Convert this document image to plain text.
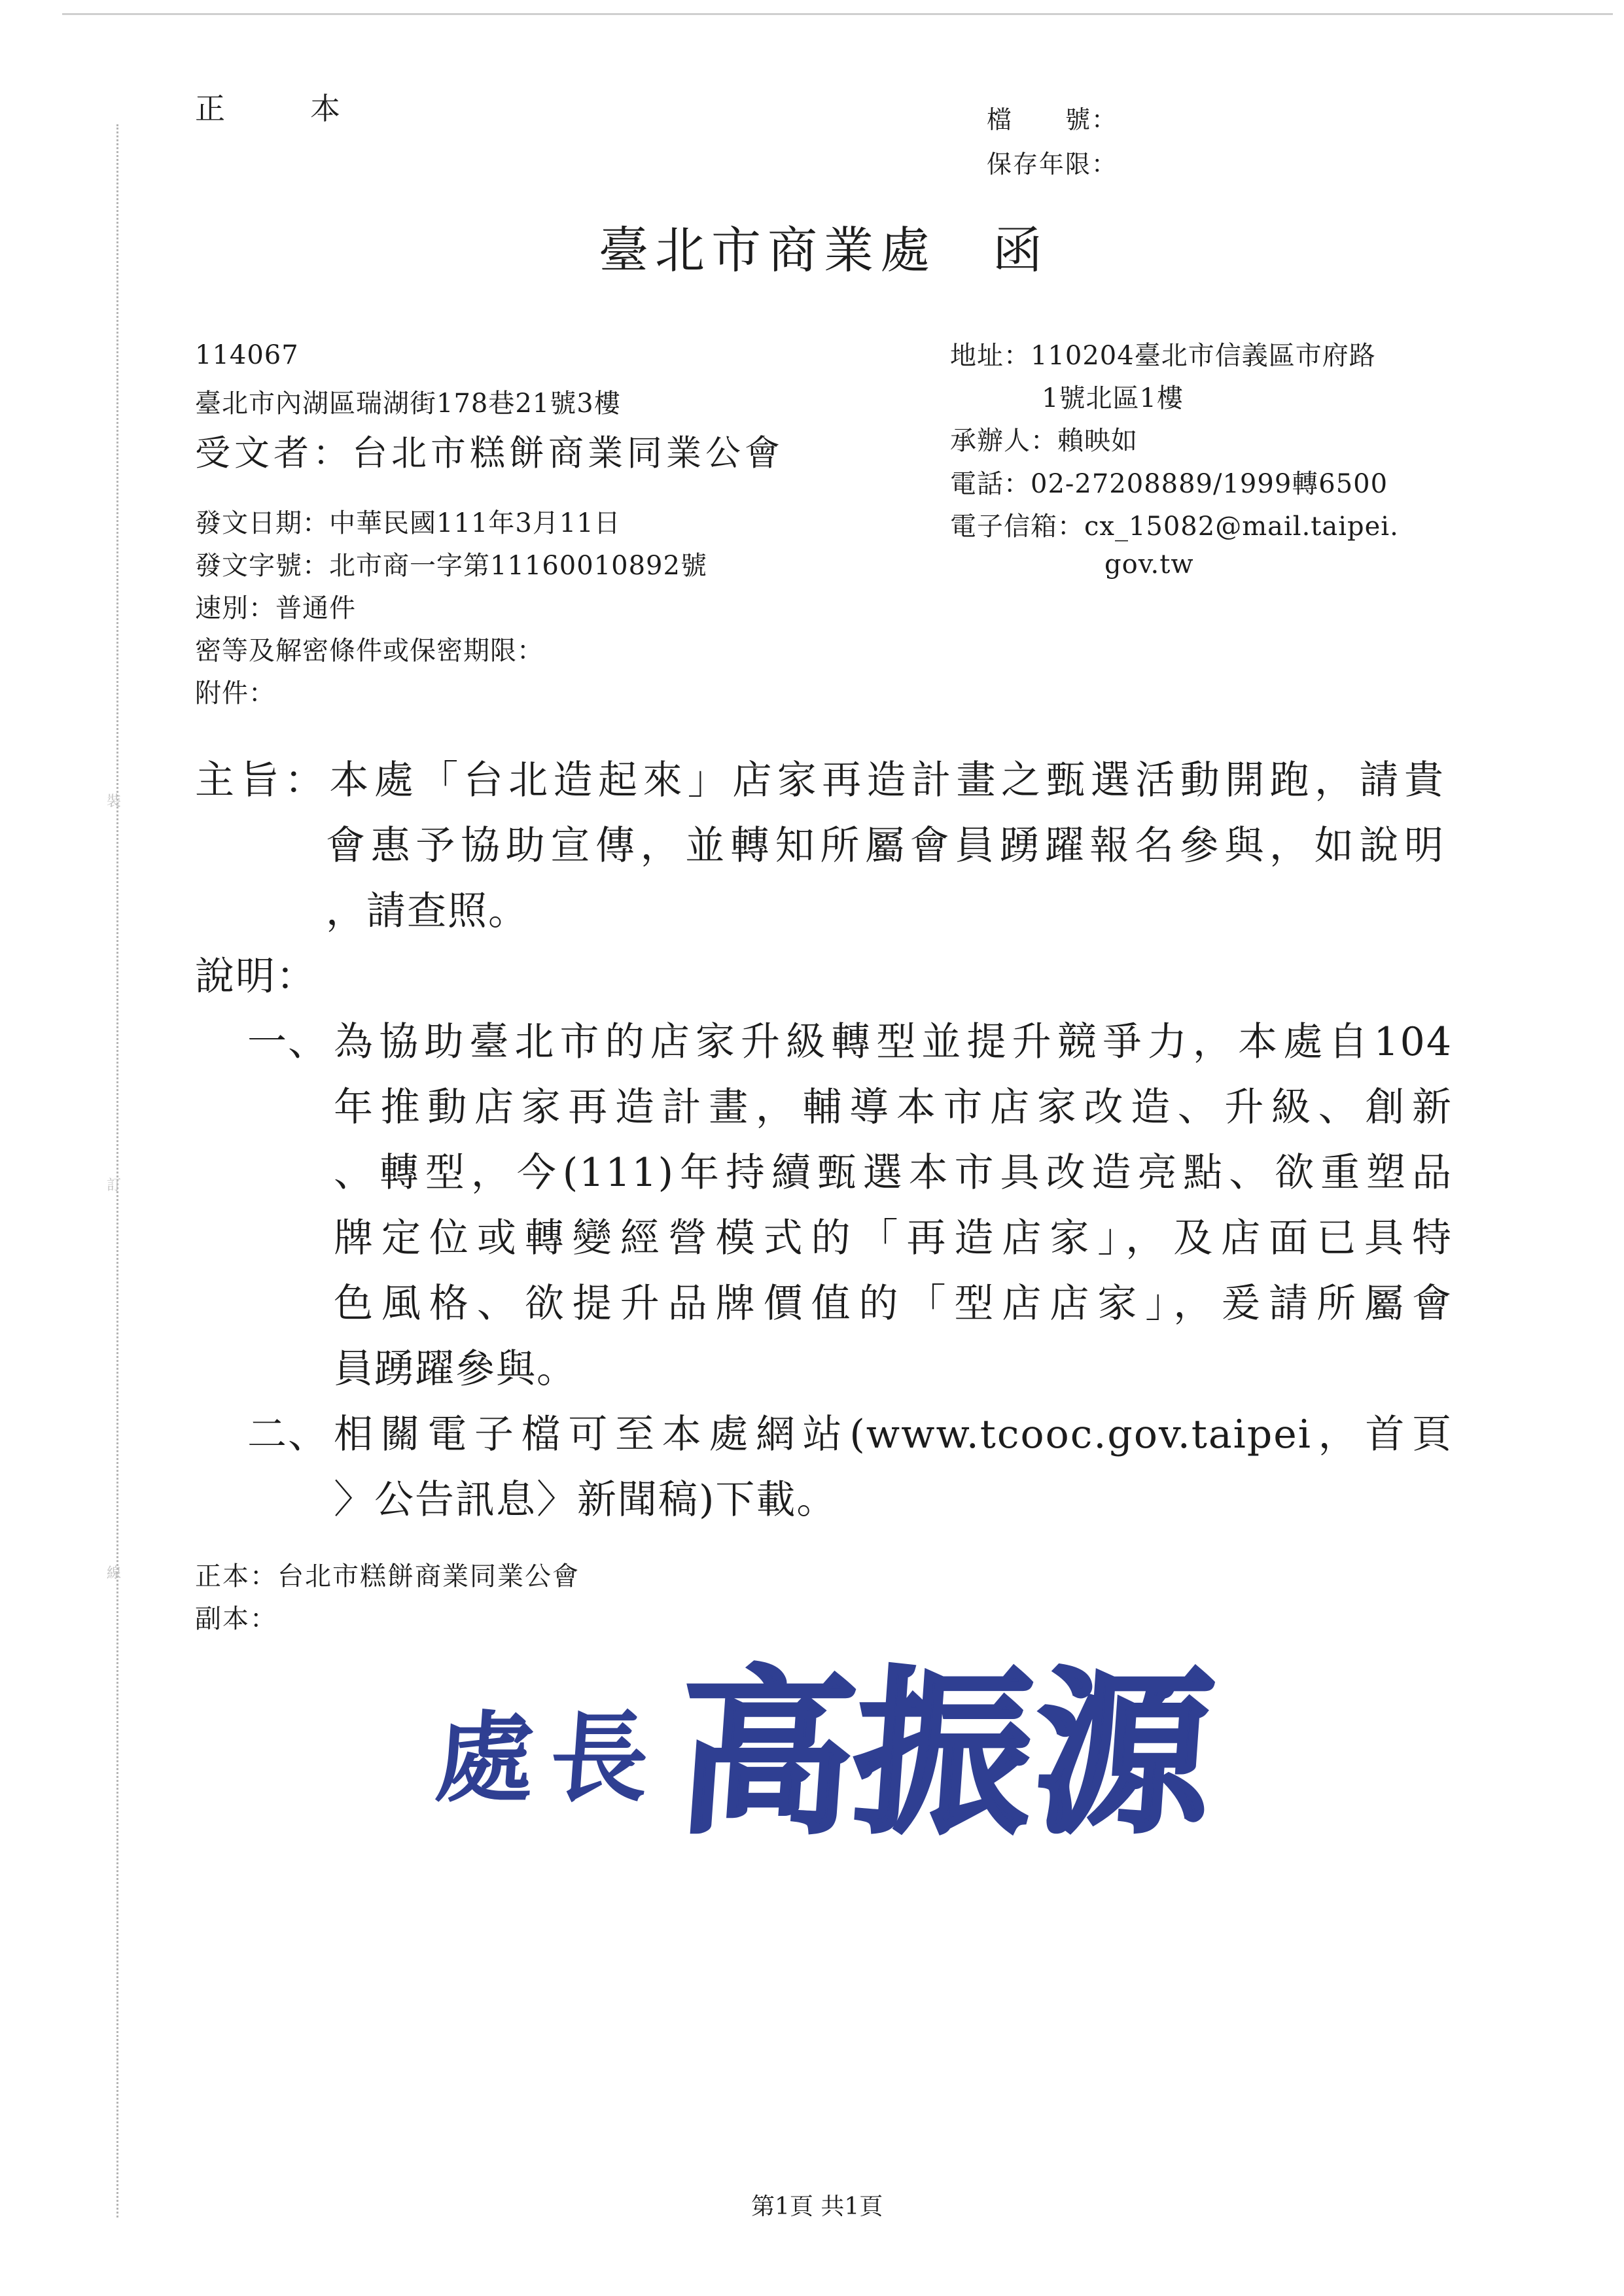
裝
訂
線
正　本	檔　　號：
保存年限：
臺北市商業處　函
114067
臺北市內湖區瑞湖街178巷21號3樓
受文者：台北市糕餅商業同業公會
地址：110204臺北市信義區市府路
1號北區1樓
承辦人：賴映如
電話：02-27208889/1999轉6500
電子信箱：cx_15082@mail.taipei.
gov.tw
發文日期：中華民國111年3月11日
發文字號：北市商一字第11160010892號
速別：普通件
密等及解密條件或保密期限：
附件：
主旨：本處「台北造起來」店家再造計畫之甄選活動開跑，請貴
會惠予協助宣傳，並轉知所屬會員踴躍報名參與，如說明
，請查照。
說明：
一、 為協助臺北市的店家升級轉型並提升競爭力，本處自104
年推動店家再造計畫，輔導本市店家改造、升級、創新
、轉型，今(111)年持續甄選本市具改造亮點、欲重塑品
牌定位或轉變經營模式的「再造店家」，及店面已具特
色風格、欲提升品牌價值的「型店店家」，爰請所屬會
員踴躍參與。
二、 相關電子檔可至本處網站(www.tcooc.gov.taipei，首頁
〉公告訊息〉新聞稿)下載。
正本：台北市糕餅商業同業公會
副本：
處 長 高
振
源
第1頁 共1頁
